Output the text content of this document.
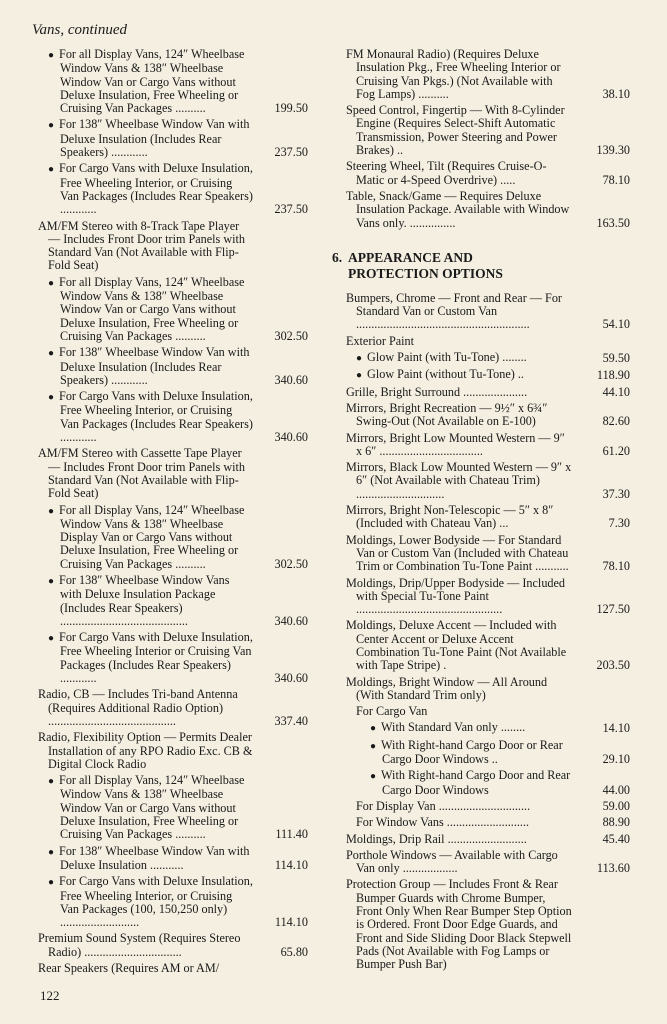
Vans, continued
● For all Display Vans, 124″ Wheelbase Window Vans & 138″ Wheelbase Window Van or Cargo Vans without Deluxe Insulation, Free Wheeling or Cruising Van Packages ..........	199.50
● For 138″ Wheelbase Window Van with Deluxe Insulation (Includes Rear Speakers) ............	237.50
● For Cargo Vans with Deluxe Insulation, Free Wheeling Interior, or Cruising Van Packages (Includes Rear Speakers) ............	237.50
AM/FM Stereo with 8-Track Tape Player — Includes Front Door trim Panels with Standard Van (Not Available with Flip-Fold Seat)
● For all Display Vans, 124″ Wheelbase Window Vans & 138″ Wheelbase Window Van or Cargo Vans without Deluxe Insulation, Free Wheeling or Cruising Van Packages ..........	302.50
● For 138″ Wheelbase Window Van with Deluxe Insulation (Includes Rear Speakers) ............	340.60
● For Cargo Vans with Deluxe Insulation, Free Wheeling Interior, or Cruising Van Packages (Includes Rear Speakers) ............	340.60
AM/FM Stereo with Cassette Tape Player — Includes Front Door trim Panels with Standard Van (Not Available with Flip-Fold Seat)
● For all Display Vans, 124″ Wheelbase Window Vans & 138″ Wheelbase Display Van or Cargo Vans without Deluxe Insulation, Free Wheeling or Cruising Van Packages ..........	302.50
● For 138″ Wheelbase Window Vans with Deluxe Insulation Package (Includes Rear Speakers) ..........................................	340.60
● For Cargo Vans with Deluxe Insulation, Free Wheeling Interior or Cruising Van Packages (Includes Rear Speakers) ............	340.60
Radio, CB — Includes Tri-band Antenna (Requires Additional Radio Option) ..........................................	337.40
Radio, Flexibility Option — Permits Dealer Installation of any RPO Radio Exc. CB & Digital Clock Radio
● For all Display Vans, 124″ Wheelbase Window Vans & 138″ Wheelbase Window Van or Cargo Vans without Deluxe Insulation, Free Wheeling or Cruising Van Packages ..........	111.40
● For 138″ Wheelbase Window Van with Deluxe Insulation ...........	114.10
● For Cargo Vans with Deluxe Insulation, Free Wheeling Interior, or Cruising Van Packages (100, 150,250 only) ..........................	114.10
Premium Sound System (Requires Stereo Radio) ................................	65.80
Rear Speakers (Requires AM or AM/
FM Monaural Radio) (Requires Deluxe Insulation Pkg., Free Wheeling Interior or Cruising Van Pkgs.) (Not Available with Fog Lamps) ..........	38.10
Speed Control, Fingertip — With 8-Cylinder Engine (Requires Select-Shift Automatic Transmission, Power Steering and Power Brakes) ..	139.30
Steering Wheel, Tilt (Requires Cruise-O-Matic or 4-Speed Overdrive) .....	78.10
Table, Snack/Game — Requires Deluxe Insulation Package. Available with Window Vans only. ...............	163.50
6. APPEARANCE AND
PROTECTION OPTIONS
Bumpers, Chrome — Front and Rear — For Standard Van or Custom Van .........................................................	54.10
Exterior Paint
● Glow Paint (with Tu-Tone) ........	59.50
● Glow Paint (without Tu-Tone) ..	118.90
Grille, Bright Surround .....................	44.10
Mirrors, Bright Recreation — 9½″ x 6¾″ Swing-Out (Not Available on E-100)	82.60
Mirrors, Bright Low Mounted Western — 9″ x 6″ ..................................	61.20
Mirrors, Black Low Mounted Western — 9″ x 6″ (Not Available with Chateau Trim) .............................	37.30
Mirrors, Bright Non-Telescopic — 5″ x 8″ (Included with Chateau Van) ...	7.30
Moldings, Lower Bodyside — For Standard Van or Custom Van (Included with Chateau Trim or Combination Tu-Tone Paint ...........	78.10
Moldings, Drip/Upper Bodyside — Included with Special Tu-Tone Paint ................................................	127.50
Moldings, Deluxe Accent — Included with Center Accent or Deluxe Accent Combination Tu-Tone Paint (Not Available with Tape Stripe) .	203.50
Moldings, Bright Window — All Around (With Standard Trim only)
For Cargo Van
● With Standard Van only ........	14.10
● With Right-hand Cargo Door or Rear Cargo Door Windows ..	29.10
● With Right-hand Cargo Door and Rear Cargo Door Windows	44.00
For Display Van ..............................	59.00
For Window Vans ...........................	88.90
Moldings, Drip Rail ..........................	45.40
Porthole Windows — Available with Cargo Van only ..................	113.60
Protection Group — Includes Front & Rear Bumper Guards with Chrome Bumper, Front Only When Rear Bumper Step Option is Ordered. Front Door Edge Guards, and Front and Side Sliding Door Black Stepwell Pads (Not Available with Fog Lamps or Bumper Push Bar)
122
